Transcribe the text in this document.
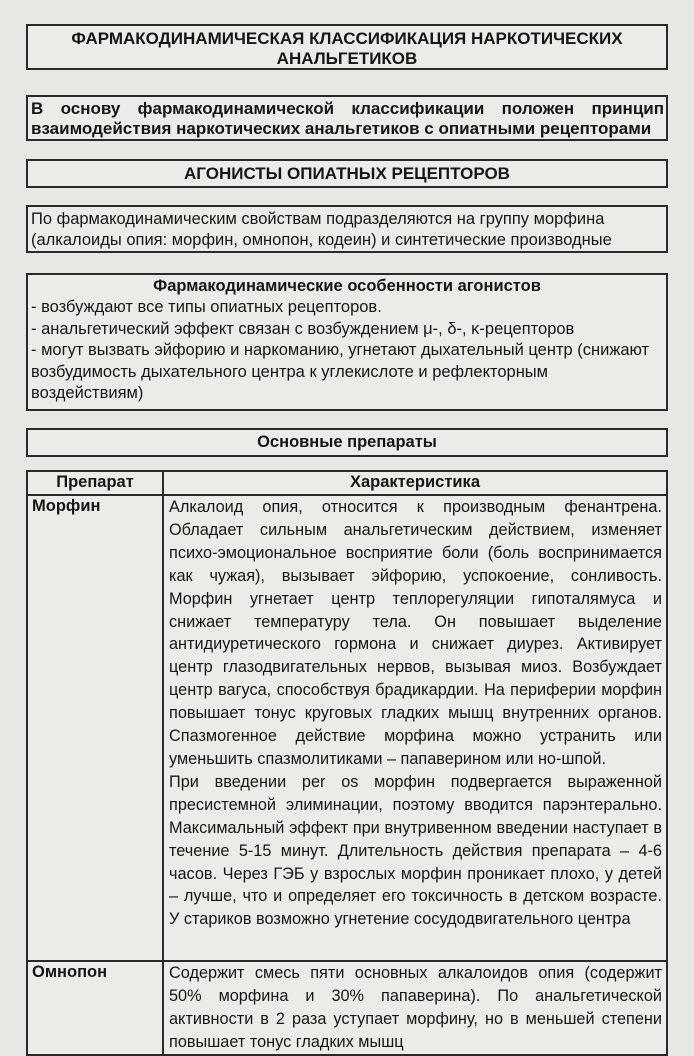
ФАРМАКОДИНАМИЧЕСКАЯ КЛАССИФИКАЦИЯ НАРКОТИЧЕСКИХ АНАЛЬГЕТИКОВ
В основу фармакодинамической классификации положен принцип взаимодействия наркотических анальгетиков с опиатными рецепторами
АГОНИСТЫ ОПИАТНЫХ РЕЦЕПТОРОВ
По фармакодинамическим свойствам подразделяются на группу морфина (алкалоиды опия: морфин, омнопон, кодеин) и синтетические производные
Фармакодинамические особенности агонистов
- возбуждают все типы опиатных рецепторов.
- анальгетический эффект связан с возбуждением μ-, δ-, κ-рецепторов
- могут вызвать эйфорию и наркоманию, угнетают дыхательный центр (снижают возбудимость дыхательного центра к углекислоте и рефлекторным воздействиям)
Основные препараты
Препарат	Характеристика
Морфин	Алкалоид опия, относится к производным фенантрена. Обладает сильным анальгетическим действием, изменяет психо-эмоциональное восприятие боли (боль воспринимается как чужая), вызывает эйфорию, успокоение, сонливость. Морфин угнетает центр теплорегуляции гипоталямуса и снижает температуру тела. Он повышает выделение антидиуретического гормона и снижает диурез. Активирует центр глазодвигательных нервов, вызывая миоз. Возбуждает центр вагуса, способствуя брадикардии. На периферии морфин повышает тонус круговых гладких мышц внутренних органов. Спазмогенное действие морфина можно устранить или уменьшить спазмолитиками – папаверином или но-шпой.
При введении per os морфин подвергается выраженной пресистемной элиминации, поэтому вводится парэнтерально. Максимальный эффект при внутривенном введении наступает в течение 5-15 минут. Длительность действия препарата – 4-6 часов. Через ГЭБ у взрослых морфин проникает плохо, у детей – лучше, что и определяет его токсичность в детском возрасте. У стариков возможно угнетение сосудодвигательного центра

Омнопон	Содержит смесь пяти основных алкалоидов опия (содержит 50% морфина и 30% папаверина). По анальгетической активности в 2 раза уступает морфину, но в меньшей степени повышает тонус гладких мышц
